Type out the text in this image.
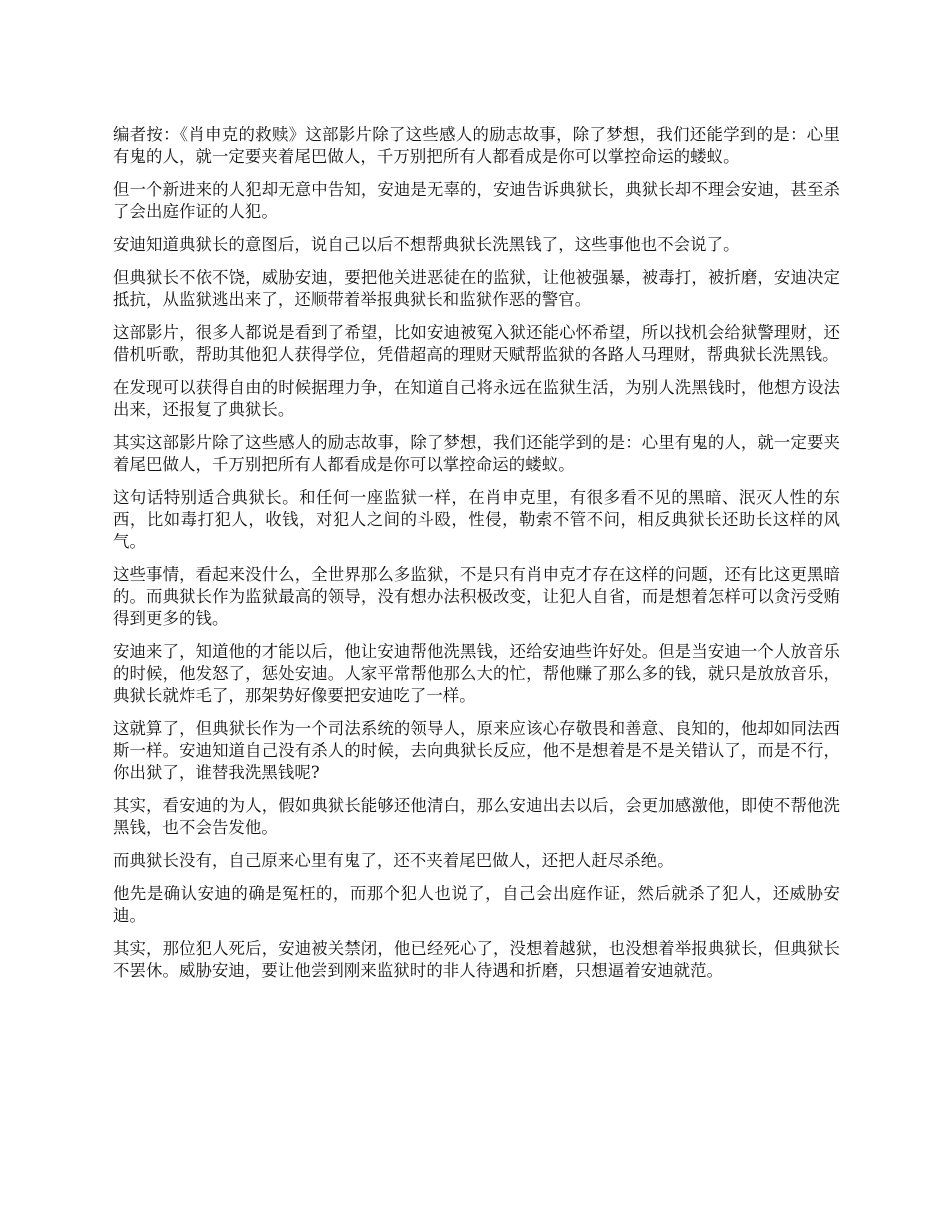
编者按：《肖申克的救赎》这部影片除了这些感人的励志故事，除了梦想，我们还能学到的是：心里有鬼的人，就一定要夹着尾巴做人，千万别把所有人都看成是你可以掌控命运的蝼蚁。

但一个新进来的人犯却无意中告知，安迪是无辜的，安迪告诉典狱长，典狱长却不理会安迪，甚至杀了会出庭作证的人犯。

安迪知道典狱长的意图后，说自己以后不想帮典狱长洗黑钱了，这些事他也不会说了。

但典狱长不依不饶，威胁安迪，要把他关进恶徒在的监狱，让他被强暴，被毒打，被折磨，安迪决定抵抗，从监狱逃出来了，还顺带着举报典狱长和监狱作恶的警官。

这部影片，很多人都说是看到了希望，比如安迪被冤入狱还能心怀希望，所以找机会给狱警理财，还借机听歌，帮助其他犯人获得学位，凭借超高的理财天赋帮监狱的各路人马理财，帮典狱长洗黑钱。

在发现可以获得自由的时候据理力争，在知道自己将永远在监狱生活，为别人洗黑钱时，他想方设法出来，还报复了典狱长。

其实这部影片除了这些感人的励志故事，除了梦想，我们还能学到的是：心里有鬼的人，就一定要夹着尾巴做人，千万别把所有人都看成是你可以掌控命运的蝼蚁。

这句话特别适合典狱长。和任何一座监狱一样，在肖申克里，有很多看不见的黑暗、泯灭人性的东西，比如毒打犯人，收钱，对犯人之间的斗殴，性侵，勒索不管不问，相反典狱长还助长这样的风气。

这些事情，看起来没什么，全世界那么多监狱，不是只有肖申克才存在这样的问题，还有比这更黑暗的。而典狱长作为监狱最高的领导，没有想办法积极改变，让犯人自省，而是想着怎样可以贪污受贿得到更多的钱。

安迪来了，知道他的才能以后，他让安迪帮他洗黑钱，还给安迪些许好处。但是当安迪一个人放音乐的时候，他发怒了，惩处安迪。人家平常帮他那么大的忙，帮他赚了那么多的钱，就只是放放音乐，典狱长就炸毛了，那架势好像要把安迪吃了一样。

这就算了，但典狱长作为一个司法系统的领导人，原来应该心存敬畏和善意、良知的，他却如同法西斯一样。安迪知道自己没有杀人的时候，去向典狱长反应，他不是想着是不是关错认了，而是不行，你出狱了，谁替我洗黑钱呢?

其实，看安迪的为人，假如典狱长能够还他清白，那么安迪出去以后，会更加感激他，即使不帮他洗黑钱，也不会告发他。

而典狱长没有，自己原来心里有鬼了，还不夹着尾巴做人，还把人赶尽杀绝。

他先是确认安迪的确是冤枉的，而那个犯人也说了，自己会出庭作证，然后就杀了犯人，还威胁安迪。

其实，那位犯人死后，安迪被关禁闭，他已经死心了，没想着越狱，也没想着举报典狱长，但典狱长不罢休。威胁安迪，要让他尝到刚来监狱时的非人待遇和折磨，只想逼着安迪就范。
